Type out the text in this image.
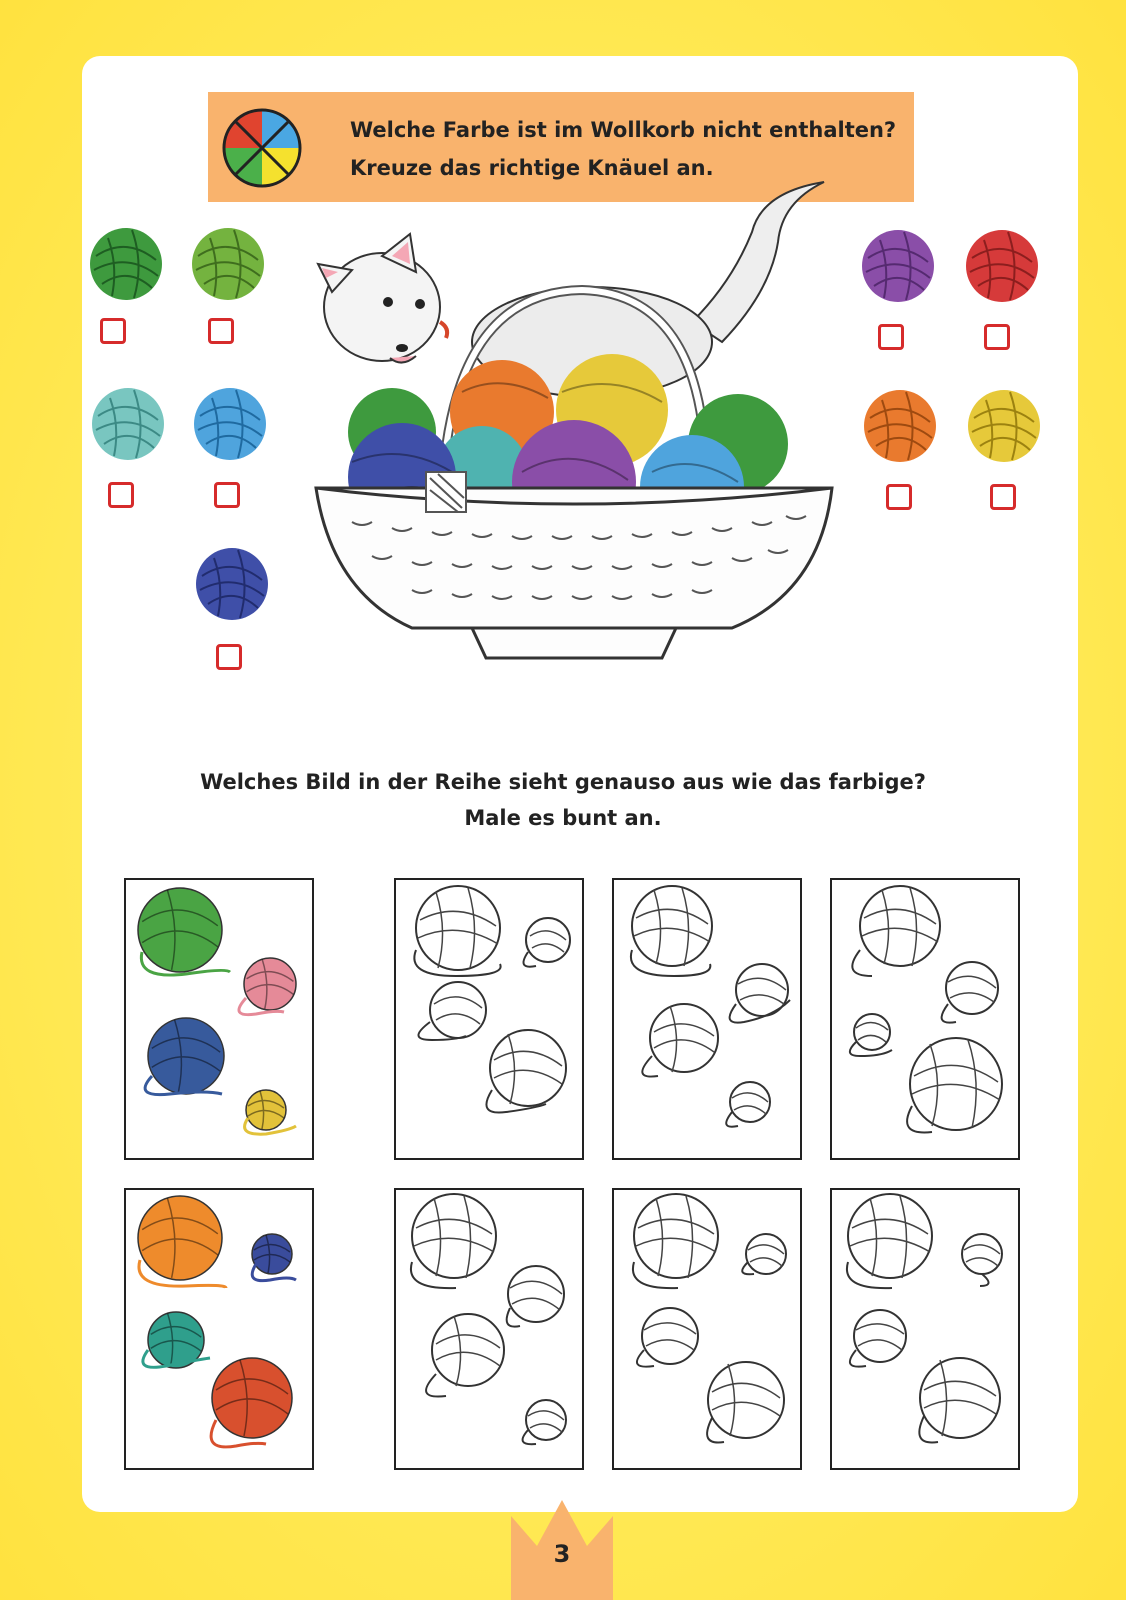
Welche Farbe ist im Wollkorb nicht enthalten?
Kreuze das richtige Knäuel an.
Welches Bild in der Reihe sieht genauso aus wie das farbige?
Male es bunt an.
3
